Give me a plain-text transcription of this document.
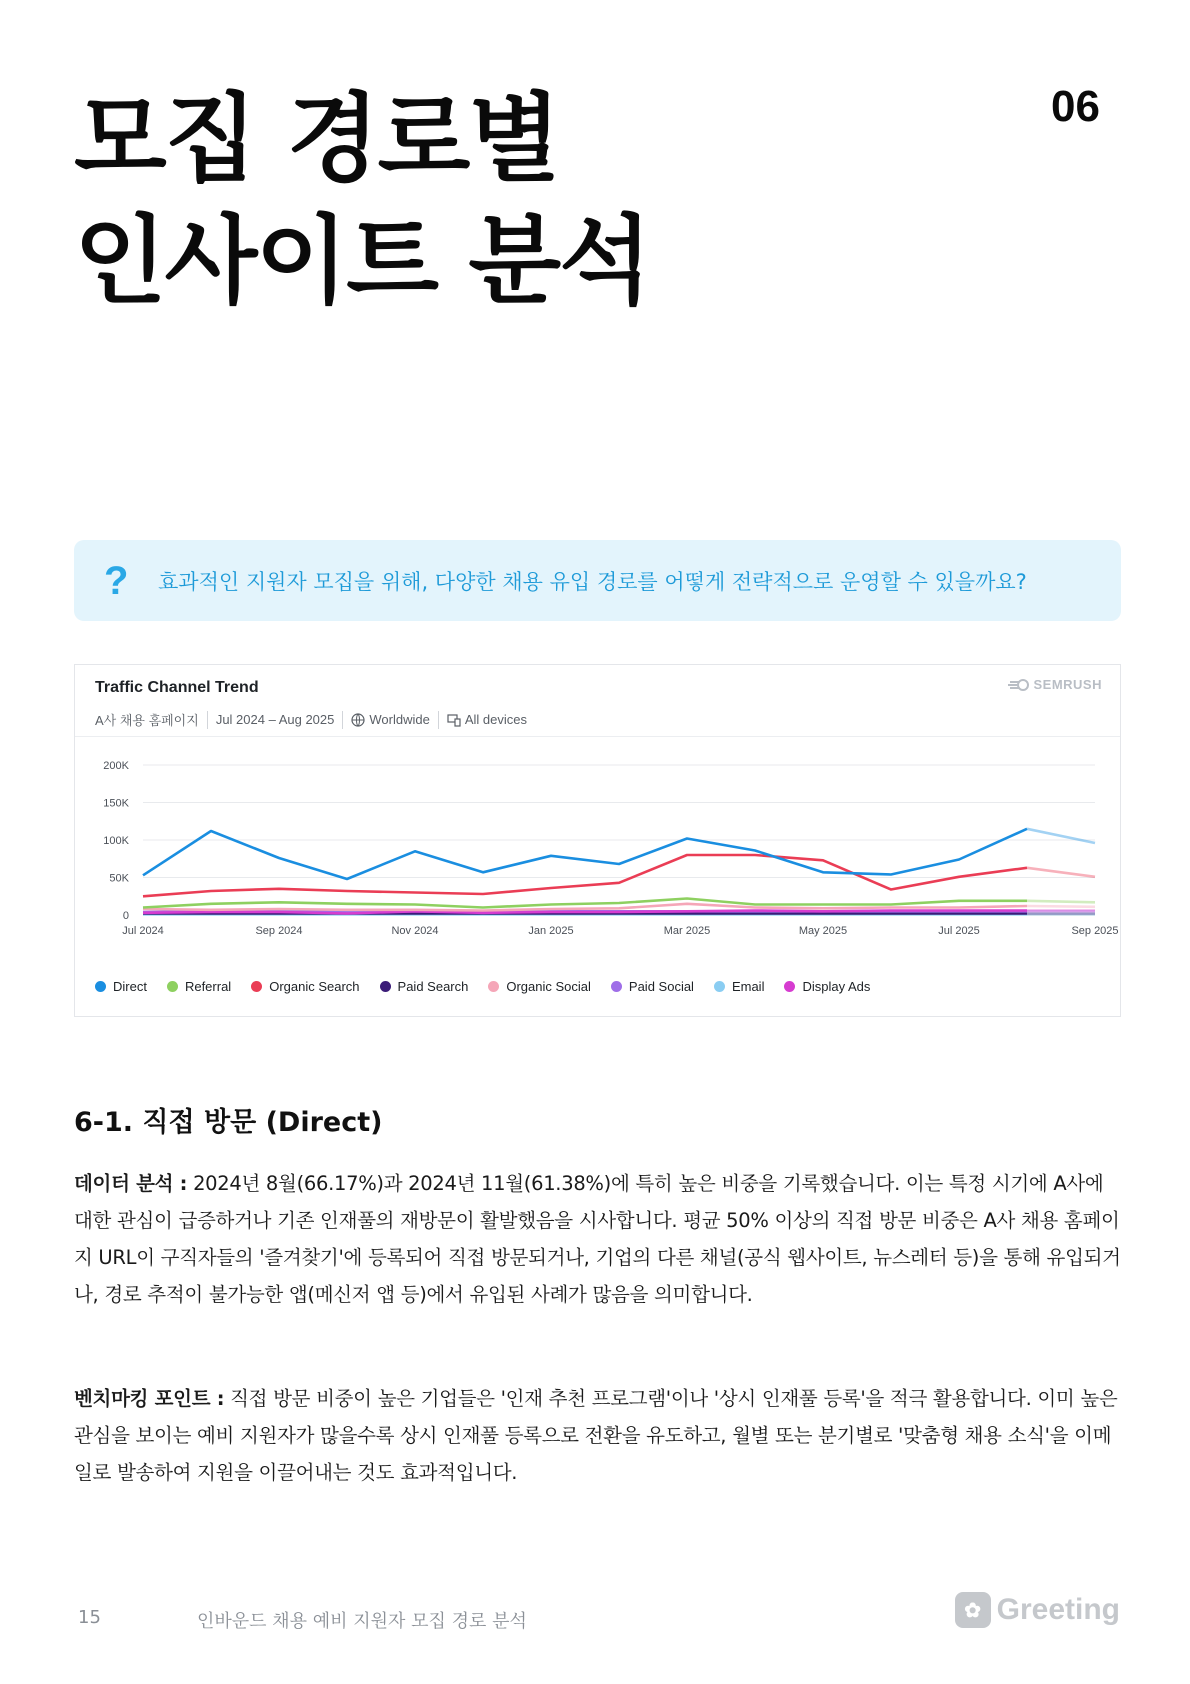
모집 경로별
인사이트 분석
06
?	효과적인 지원자 모집을 위해, 다양한 채용 유입 경로를 어떻게 전략적으로 운영할 수 있을까요?
Traffic Channel Trend
A사 채용 홈페이지 Jul 2024 – Aug 2025	Worldwide	All devices
SEMRUSH
0
50K
100K
150K
200K
Jul 2024	Sep 2024	Nov 2024	Jan 2025	Mar 2025	May 2025	Jul 2025	Sep 2025
Direct	Referral	Organic Search	Paid Search	Organic Social	Paid Social	Email	Display Ads
6-1. 직접 방문 (Direct)

데이터 분석 : 2024년 8월(66.17%)과 2024년 11월(61.38%)에 특히 높은 비중을 기록했습니다. 이는 특정 시기에 A사에 대한 관심이 급증하거나 기존 인재풀의 재방문이 활발했음을 시사합니다. 평균 50% 이상의 직접 방문 비중은 A사 채용 홈페이지 URL이 구직자들의 '즐겨찾기'에 등록되어 직접 방문되거나, 기업의 다른 채널(공식 웹사이트, 뉴스레터 등)을 통해 유입되거나, 경로 추적이 불가능한 앱(메신저 앱 등)에서 유입된 사례가 많음을 의미합니다.

벤치마킹 포인트 : 직접 방문 비중이 높은 기업들은 '인재 추천 프로그램'이나 '상시 인재풀 등록'을 적극 활용합니다. 이미 높은 관심을 보이는 예비 지원자가 많을수록 상시 인재풀 등록으로 전환을 유도하고, 월별 또는 분기별로 '맞춤형 채용 소식'을 이메일로 발송하여 지원을 이끌어내는 것도 효과적입니다.

15	인바운드 채용 예비 지원자 모집 경로 분석	✿ Greeting
